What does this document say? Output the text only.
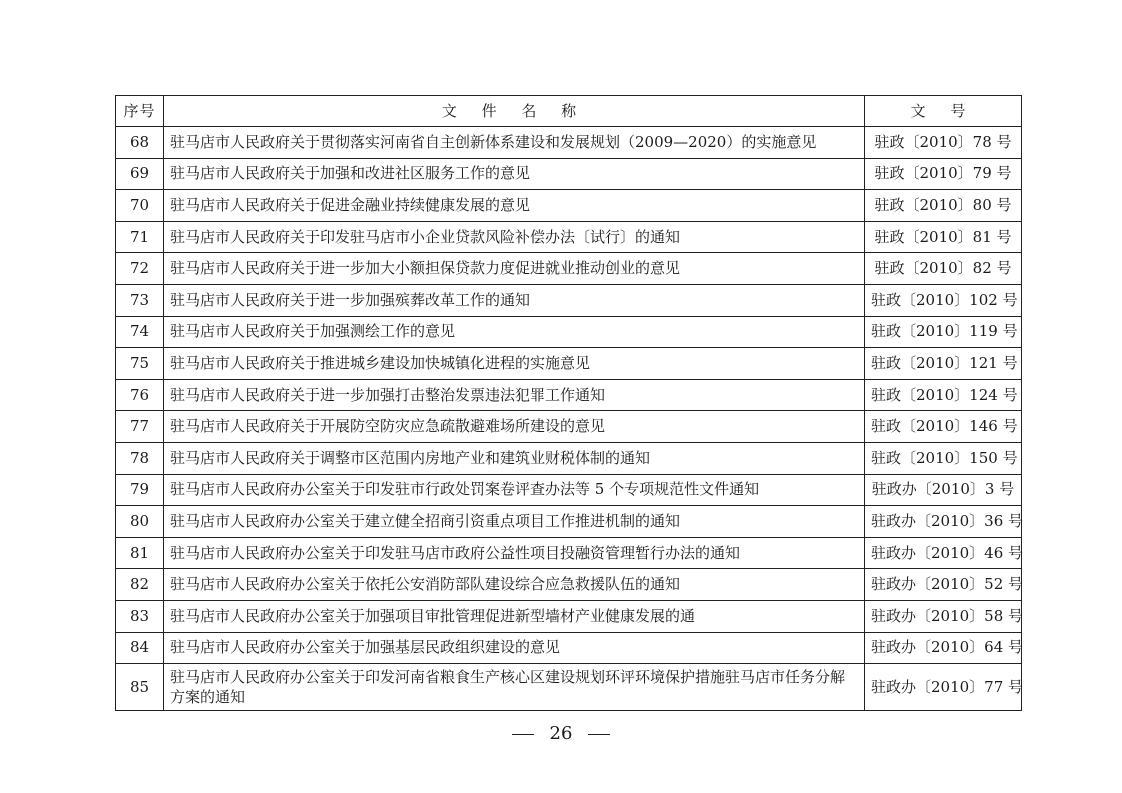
序号	文 件 名 称	文 号
68	驻马店市人民政府关于贯彻落实河南省自主创新体系建设和发展规划（2009—2020）的实施意见	驻政〔2010〕78 号
69	驻马店市人民政府关于加强和改进社区服务工作的意见	驻政〔2010〕79 号
70	驻马店市人民政府关于促进金融业持续健康发展的意见	驻政〔2010〕80 号
71	驻马店市人民政府关于印发驻马店市小企业贷款风险补偿办法〔试行〕的通知	驻政〔2010〕81 号
72	驻马店市人民政府关于进一步加大小额担保贷款力度促进就业推动创业的意见	驻政〔2010〕82 号
73	驻马店市人民政府关于进一步加强殡葬改革工作的通知	驻政〔2010〕102 号
74	驻马店市人民政府关于加强测绘工作的意见	驻政〔2010〕119 号
75	驻马店市人民政府关于推进城乡建设加快城镇化进程的实施意见	驻政〔2010〕121 号
76	驻马店市人民政府关于进一步加强打击整治发票违法犯罪工作通知	驻政〔2010〕124 号
77	驻马店市人民政府关于开展防空防灾应急疏散避难场所建设的意见	驻政〔2010〕146 号
78	驻马店市人民政府关于调整市区范围内房地产业和建筑业财税体制的通知	驻政〔2010〕150 号
79	驻马店市人民政府办公室关于印发驻市行政处罚案卷评查办法等 5 个专项规范性文件通知	驻政办〔2010〕3 号
80	驻马店市人民政府办公室关于建立健全招商引资重点项目工作推进机制的通知	驻政办〔2010〕36 号
81	驻马店市人民政府办公室关于印发驻马店市政府公益性项目投融资管理暂行办法的通知	驻政办〔2010〕46 号
82	驻马店市人民政府办公室关于依托公安消防部队建设综合应急救援队伍的通知	驻政办〔2010〕52 号
83	驻马店市人民政府办公室关于加强项目审批管理促进新型墙材产业健康发展的通	驻政办〔2010〕58 号
84	驻马店市人民政府办公室关于加强基层民政组织建设的意见	驻政办〔2010〕64 号
85	驻马店市人民政府办公室关于印发河南省粮食生产核心区建设规划环评环境保护措施驻马店市任务分解方案的通知	驻政办〔2010〕77 号
26
